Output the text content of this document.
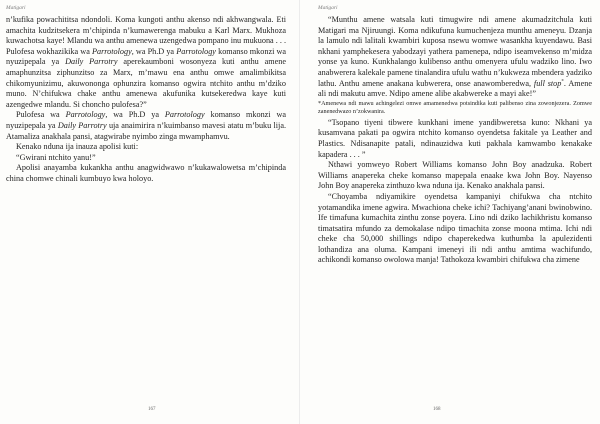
Matigari

n’kufika powachititsa ndondoli. Koma kungoti anthu akenso ndi akhwangwala. Eti amachita kudzitsekera m’chipinda n’kumawerenga mabuku a Karl Marx. Mukhoza kuwachotsa kaye! Mlandu wa anthu amenewa uzengedwa pompano inu mukuona . . . Pulofesa wokhazikika wa Parrotology, wa Ph.D ya Parrotology komanso mkonzi wa nyuzipepala ya Daily Parrotry aperekaumboni wosonyeza kuti anthu amene amaphunzitsa ziphunzitso za Marx, m’mawu ena anthu omwe amalimbikitsa chikomyunizimu, akuwononga ophunzira komanso ogwira ntchito anthu m’dziko muno. N’chifukwa chake anthu amenewa akufunika kutsekeredwa kaye kuti azengedwe mlandu. Si choncho pulofesa?”

Pulofesa wa Parrotology, wa Ph.D ya Parrotology komanso mkonzi wa nyuzipepala ya Daily Parrotry uja anaimirira n’kuimbanso mavesi atatu m’buku lija. Atamaliza anakhala pansi, atagwirabe nyimbo zinga mwamphamvu.

Kenako nduna ija inauza apolisi kuti:

“Gwirani ntchito yanu!”

Apolisi anayamba kukankha anthu anagwidwawo n’kukawalowetsa m’chipinda china chomwe chinali kumbuyo kwa holoyo.

167
Matigari

“Munthu amene watsala kuti timugwire ndi amene akumadzitchula kuti Matigari ma Njiruungi. Koma ndikufuna kumuchenjeza munthu ameneyu. Dzanja la lamulo ndi lalitali kwambiri kuposa nsewu womwe wasankha kuyendawu. Basi nkhani yamphekesera yabodzayi yathera pamenepa, ndipo iseamvekenso m’midza yonse ya kuno. Kunkhalango kulibenso anthu omenyera ufulu wadziko lino. Iwo anabwerera kalekale pamene tinalandira ufulu wathu n’kukweza mbendera yadziko lathu. Anthu amene anakana kubwerera, onse anawomberedwa, full stop*. Amene ali ndi makutu amve. Ndipo amene alibe akabwereke a mayi ake!”

*Amenewa ndi mawu achingelezi omwe amamenedwa potsindika kuti palibenso zina zowonjezera. Zomwe zanenedwazo n’zokwanira.

“Tsopano tiyeni tibwere kunkhani imene yandibweretsa kuno: Nkhani ya kusamvana pakati pa ogwira ntchito komanso oyendetsa fakitale ya Leather and Plastics. Ndisanapite patali, ndinauzidwa kuti pakhala kamwambo kenakake kapadera . . . ”

Nthawi yomweyo Robert Williams komanso John Boy anadzuka. Robert Williams anapereka cheke komanso mapepala enaake kwa John Boy. Nayenso John Boy anapereka zinthuzo kwa nduna ija. Kenako anakhala pansi.

“Choyamba ndiyamikire oyendetsa kampaniyi chifukwa cha ntchito yotamandika imene agwira. Mwachiona cheke ichi? Tachiyang’anani bwinobwino. Ife timafuna kumachita zinthu zonse poyera. Lino ndi dziko lachikhristu komanso timatsatira mfundo za demokalase ndipo timachita zonse moona mtima. Ichi ndi cheke cha 50,000 shillings ndipo chaperekedwa kuthumba la apulezidenti lothandiza ana oluma. Kampani imeneyi ili ndi anthu amtima wachifundo, achikondi komanso owolowa manja! Tathokoza kwambiri chifukwa cha zimene

168
